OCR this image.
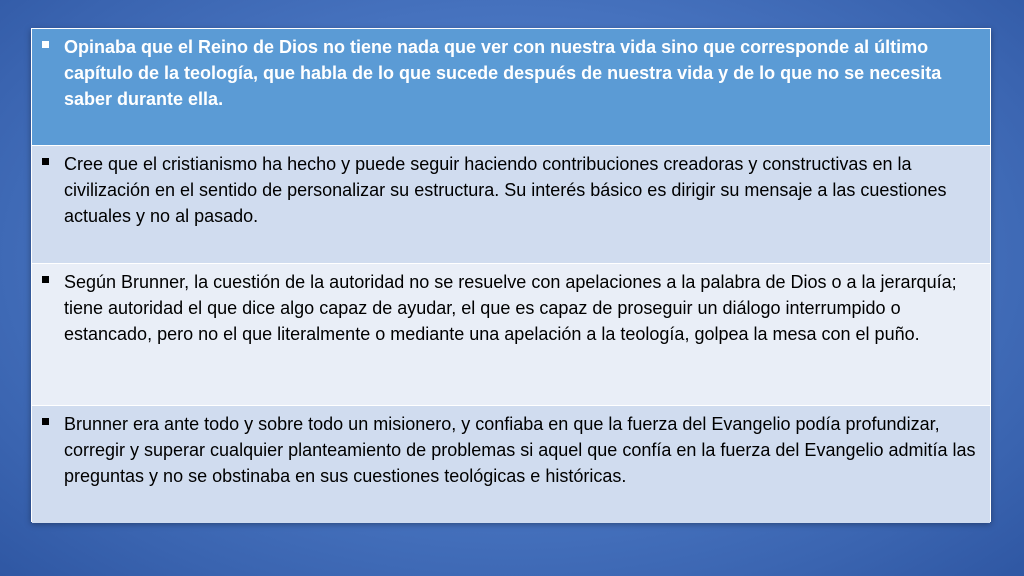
Opinaba que el Reino de Dios no tiene nada que ver con nuestra vida sino que corresponde al último capítulo de la teología, que habla de lo que sucede después de nuestra vida y de lo que no se necesita saber durante ella.
Cree que el cristianismo ha hecho y puede seguir haciendo contribuciones creadoras y constructivas en la civilización en el sentido de personalizar su estructura. Su interés básico es dirigir su mensaje a las cuestiones actuales y no al pasado.
Según Brunner, la cuestión de la autoridad no se resuelve con apelaciones a la palabra de Dios o a la jerarquía; tiene autoridad el que dice algo capaz de ayudar, el que es capaz de proseguir un diálogo interrumpido o estancado, pero no el que literalmente o mediante una apelación a la teología, golpea la mesa con el puño.
Brunner era ante todo y sobre todo un misionero, y confiaba en que la fuerza del Evangelio podía profundizar, corregir y superar cualquier planteamiento de problemas si aquel que confía en la fuerza del Evangelio admitía las preguntas y no se obstinaba en sus cuestiones teológicas e históricas.
